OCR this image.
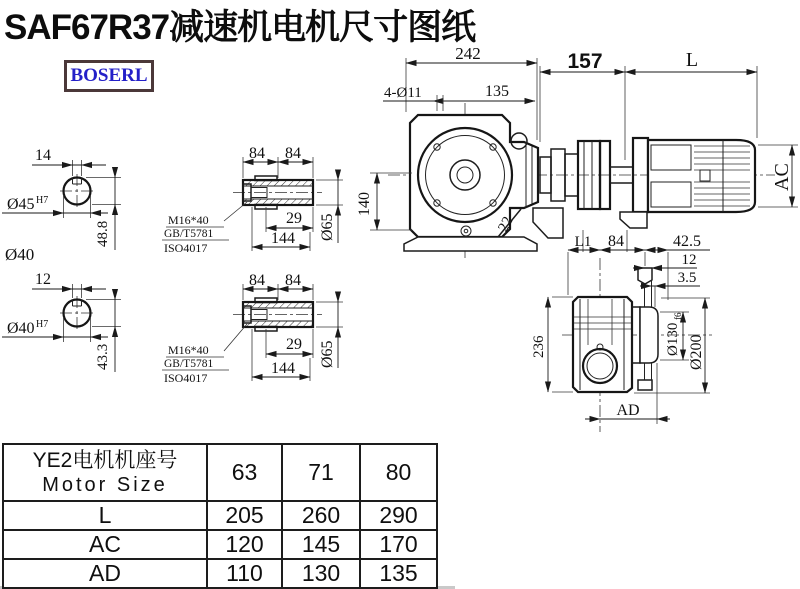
14
Ø45 H7
48.8
Ø40
12
Ø40 H7
43.3
84 84
29
144 Ø65
M16*40
GB/T5781
ISO4017
84 84
29
144
Ø65
M16*40
GB/T5781
ISO4017
242
4-Ø11	135
157	L
140
AC
22
L1 84	42.5
12
3.5
Ø130
f6
Ø200
236
AD
SAF67R37减速机电机尺寸图纸
BOSERL
YE2电机机座号
Motor Size	63	71	80
L	205	260	290
AC	120	145	170
AD	110	130	135
